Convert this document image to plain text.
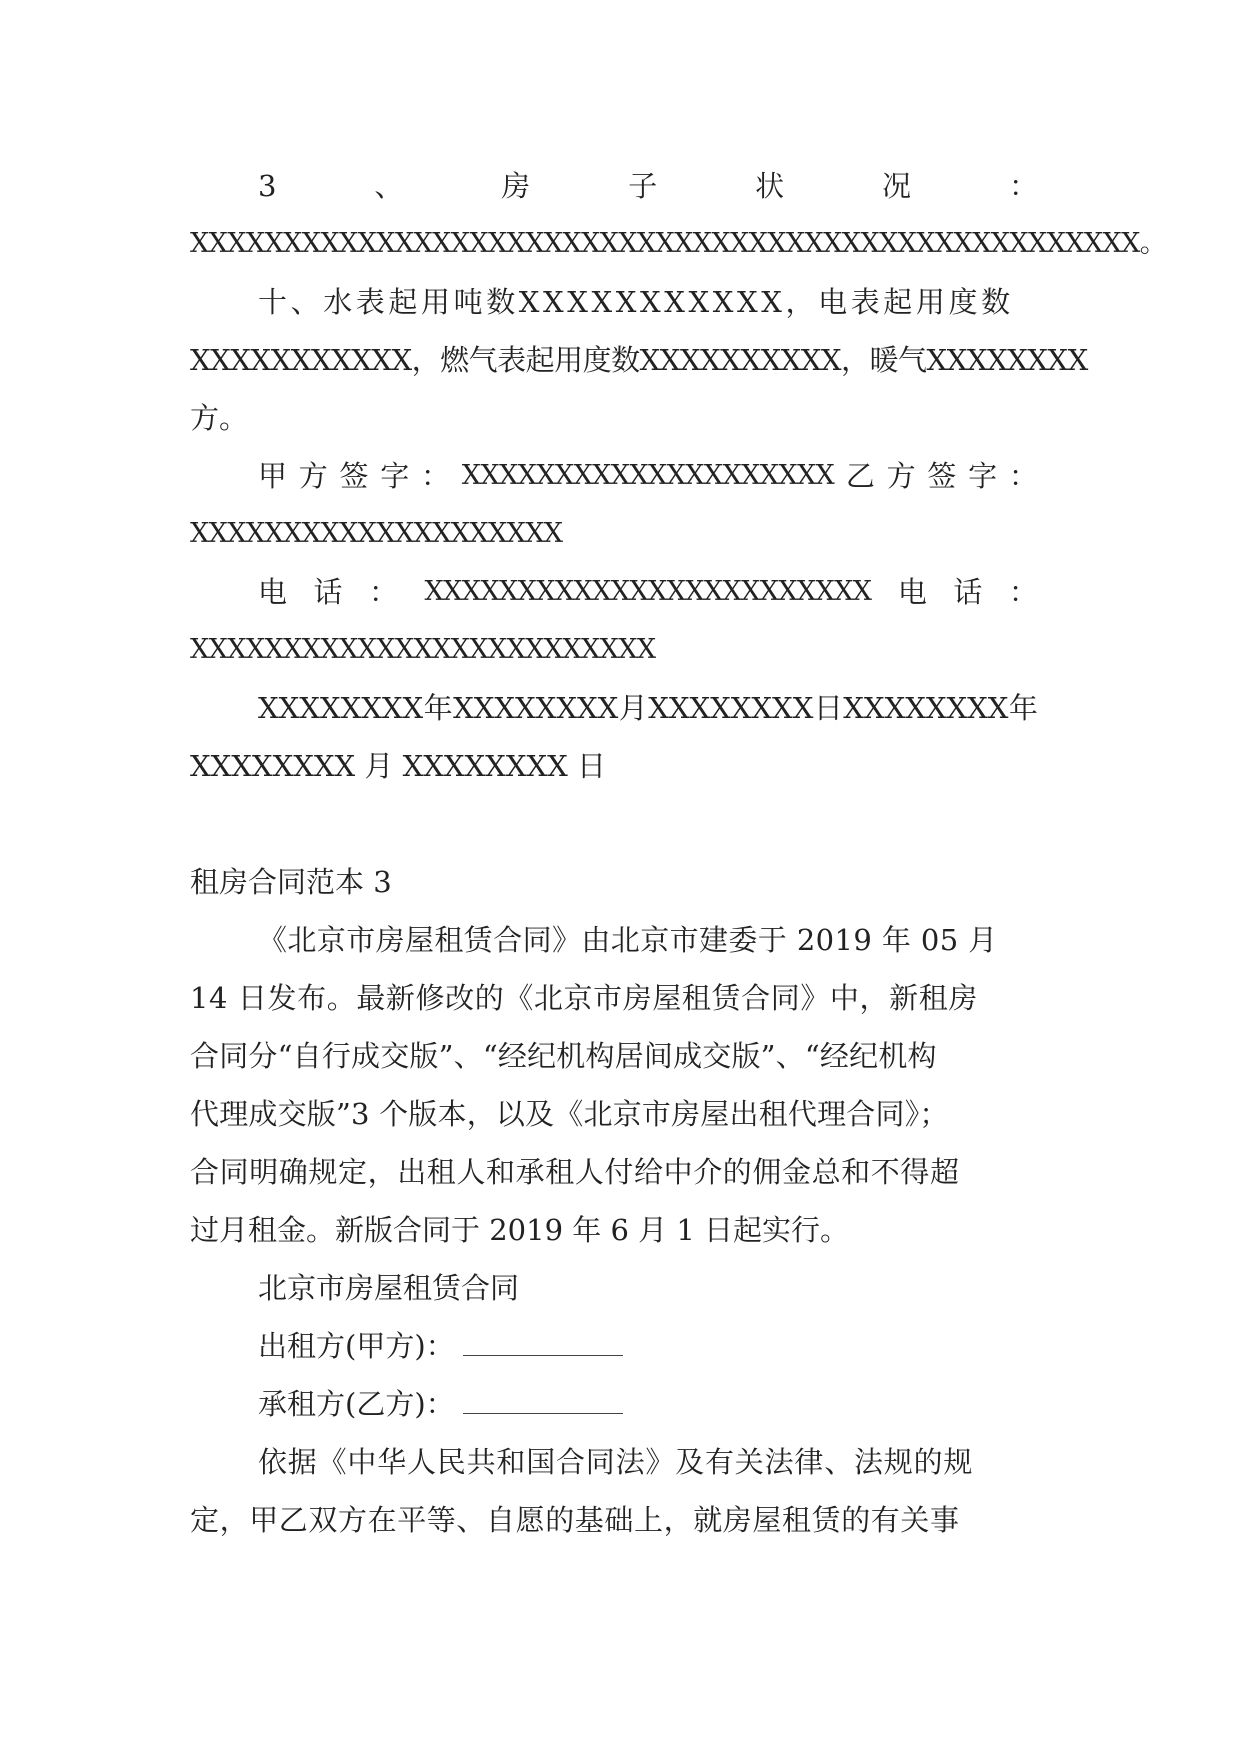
3	、	房	子	状	况	：
XXXXXXXXXXXXXXXXXXXXXXXXXXXXXXXXXXXXXXXXXXXXXXXXXXX。
十、水表起用吨数XXXXXXXXXXX，电表起用度数
XXXXXXXXXXX，燃气表起用度数XXXXXXXXXX，暖气XXXXXXXX
方。
甲 方 签 字 ： XXXXXXXXXXXXXXXXXXXX 乙 方 签 字 ：
XXXXXXXXXXXXXXXXXXXX
电 话 ： XXXXXXXXXXXXXXXXXXXXXXXX 电 话 ：
XXXXXXXXXXXXXXXXXXXXXXXXX
XXXXXXXX 年 XXXXXXXX 月 XXXXXXXX 日 XXXXXXXX 年
XXXXXXXX 月 XXXXXXXX 日
租房合同范本 3
《北京市房屋租赁合同》由北京市建委于 2019 年 05 月
14 日发布。最新修改的《北京市房屋租赁合同》中，新租房
合同分“自行成交版”、“经纪机构居间成交版”、“经纪机构
代理成交版”3 个版本，以及《北京市房屋出租代理合同》；
合同明确规定，出租人和承租人付给中介的佣金总和不得超
过月租金。新版合同于 2019 年 6 月 1 日起实行。
北京市房屋租赁合同
出租方(甲方)：
承租方(乙方)：
依据《中华人民共和国合同法》及有关法律、法规的规
定，甲乙双方在平等、自愿的基础上，就房屋租赁的有关事
